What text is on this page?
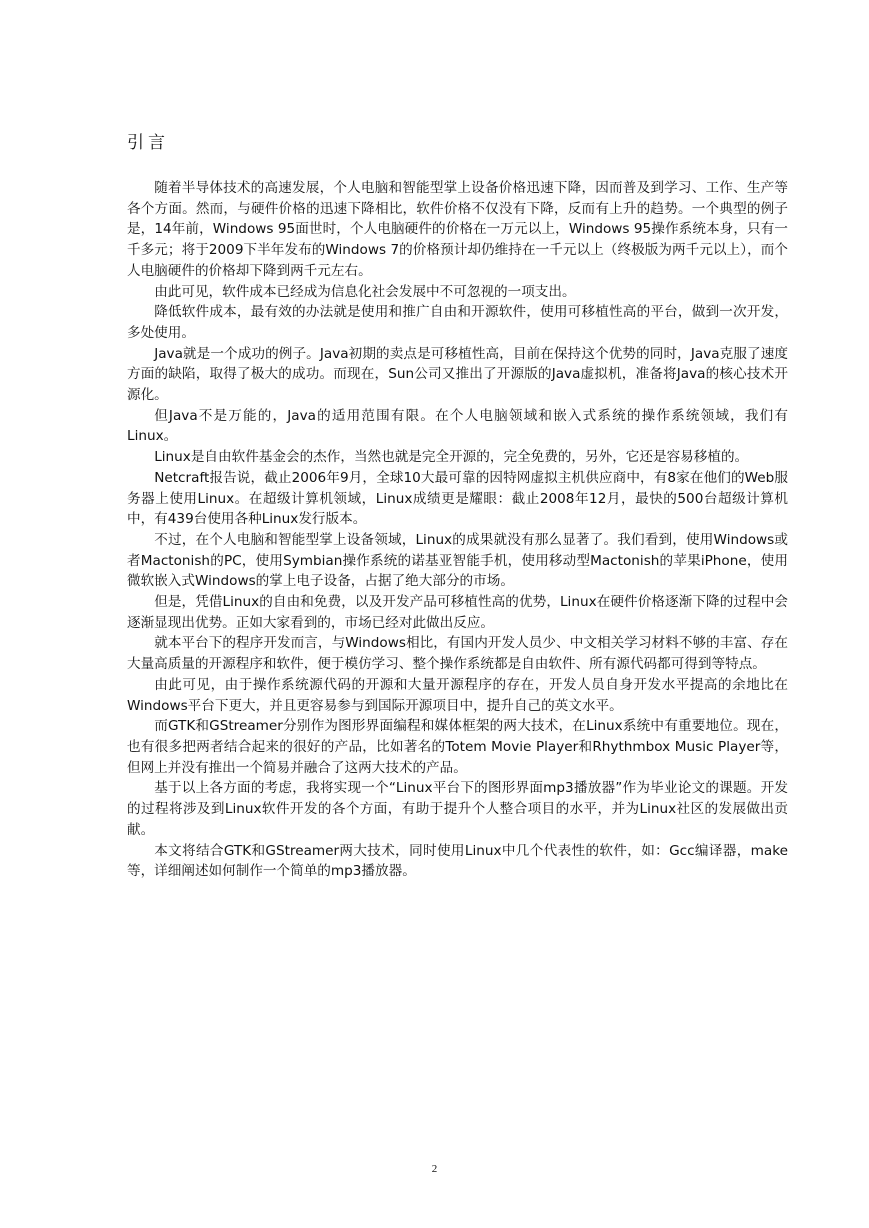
引言

随着半导体技术的高速发展，个人电脑和智能型掌上设备价格迅速下降，因而普及到学习、工作、生产等各个方面。然而，与硬件价格的迅速下降相比，软件价格不仅没有下降，反而有上升的趋势。一个典型的例子是，14年前，Windows 95面世时，个人电脑硬件的价格在一万元以上，Windows 95操作系统本身，只有一千多元；将于2009下半年发布的Windows 7的价格预计却仍维持在一千元以上（终极版为两千元以上），而个人电脑硬件的价格却下降到两千元左右。

由此可见，软件成本已经成为信息化社会发展中不可忽视的一项支出。

降低软件成本，最有效的办法就是使用和推广自由和开源软件，使用可移植性高的平台，做到一次开发，多处使用。

Java就是一个成功的例子。Java初期的卖点是可移植性高，目前在保持这个优势的同时，Java克服了速度方面的缺陷，取得了极大的成功。而现在，Sun公司又推出了开源版的Java虚拟机，准备将Java的核心技术开源化。

但Java不是万能的，Java的适用范围有限。在个人电脑领域和嵌入式系统的操作系统领域，我们有Linux。

Linux是自由软件基金会的杰作，当然也就是完全开源的，完全免费的，另外，它还是容易移植的。

Netcraft报告说，截止2006年9月，全球10大最可靠的因特网虚拟主机供应商中，有8家在他们的Web服务器上使用Linux。在超级计算机领域，Linux成绩更是耀眼：截止2008年12月，最快的500台超级计算机中，有439台使用各种Linux发行版本。

不过，在个人电脑和智能型掌上设备领域，Linux的成果就没有那么显著了。我们看到，使用Windows或者Mactonish的PC，使用Symbian操作系统的诺基亚智能手机，使用移动型Mactonish的苹果iPhone，使用微软嵌入式Windows的掌上电子设备，占据了绝大部分的市场。

但是，凭借Linux的自由和免费，以及开发产品可移植性高的优势，Linux在硬件价格逐渐下降的过程中会逐渐显现出优势。正如大家看到的，市场已经对此做出反应。

就本平台下的程序开发而言，与Windows相比，有国内开发人员少、中文相关学习材料不够的丰富、存在大量高质量的开源程序和软件，便于模仿学习、整个操作系统都是自由软件、所有源代码都可得到等特点。

由此可见，由于操作系统源代码的开源和大量开源程序的存在，开发人员自身开发水平提高的余地比在Windows平台下更大，并且更容易参与到国际开源项目中，提升自己的英文水平。

而GTK和GStreamer分别作为图形界面编程和媒体框架的两大技术，在Linux系统中有重要地位。现在，也有很多把两者结合起来的很好的产品，比如著名的Totem Movie Player和Rhythmbox Music Player等，但网上并没有推出一个简易并融合了这两大技术的产品。

基于以上各方面的考虑，我将实现一个“Linux平台下的图形界面mp3播放器”作为毕业论文的课题。开发的过程将涉及到Linux软件开发的各个方面，有助于提升个人整合项目的水平，并为Linux社区的发展做出贡献。

本文将结合GTK和GStreamer两大技术，同时使用Linux中几个代表性的软件，如：Gcc编译器，make等，详细阐述如何制作一个简单的mp3播放器。

2
